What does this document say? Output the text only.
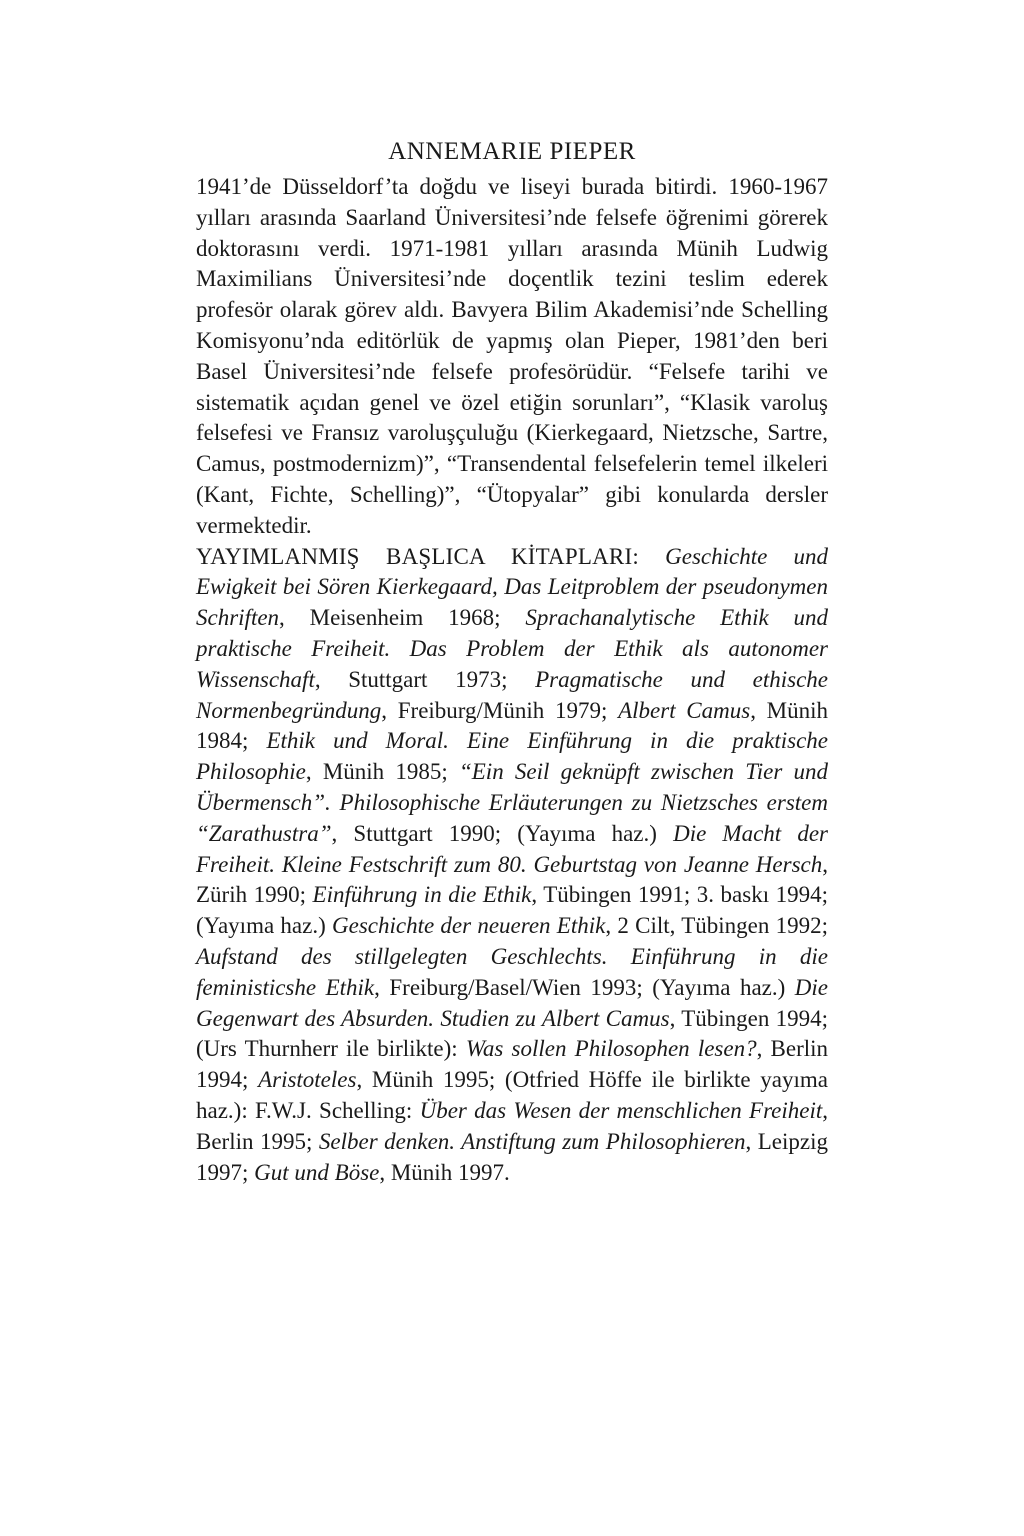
ANNEMARIE PIEPER

1941’de Düsseldorf’ta doğdu ve liseyi burada bitirdi. 1960-1967 yılları arasında Saarland Üniversitesi’nde felsefe öğrenimi görerek doktorasını verdi. 1971-1981 yılları arasında Münih Ludwig Maximilians Üniversitesi’nde doçentlik tezini teslim ederek profesör olarak görev aldı. Bavyera Bilim Akademisi’nde Schelling Komisyonu’nda editörlük de yapmış olan Pieper, 1981’den beri Basel Üniversitesi’nde felsefe profesörüdür. “Felsefe tarihi ve sistematik açıdan genel ve özel etiğin sorunları”, “Klasik varoluş felsefesi ve Fransız varoluşçuluğu (Kierkegaard, Nietzsche, Sartre, Camus, postmodernizm)”, “Transendental felsefelerin temel ilkeleri (Kant, Fichte, Schelling)”, “Ütopyalar” gibi konularda dersler vermektedir.

YAYIMLANMIŞ BAŞLICA KİTAPLARI: Geschichte und Ewigkeit bei Sören Kierkegaard, Das Leitproblem der pseudonymen Schriften, Meisenheim 1968; Sprachanalytische Ethik und praktische Freiheit. Das Problem der Ethik als autonomer Wissenschaft, Stuttgart 1973; Pragmatische und ethische Normenbegründung, Freiburg/Münih 1979; Albert Camus, Münih 1984; Ethik und Moral. Eine Einführung in die praktische Philosophie, Münih 1985; “Ein Seil geknüpft zwischen Tier und Übermensch”. Philosophische Erläuterungen zu Nietzsches erstem “Zarathustra”, Stuttgart 1990; (Yayıma haz.) Die Macht der Freiheit. Kleine Festschrift zum 80. Geburtstag von Jeanne Hersch, Zürih 1990; Einführung in die Ethik, Tübingen 1991; 3. baskı 1994; (Yayıma haz.) Geschichte der neueren Ethik, 2 Cilt, Tübingen 1992; Aufstand des stillgelegten Geschlechts. Einführung in die feministicshe Ethik, Freiburg/Basel/Wien 1993; (Yayıma haz.) Die Gegenwart des Absurden. Studien zu Albert Camus, Tübingen 1994; (Urs Thurnherr ile birlikte): Was sollen Philosophen lesen?, Berlin 1994; Aristoteles, Münih 1995; (Otfried Höffe ile birlikte yayıma haz.): F.W.J. Schelling: Über das Wesen der menschlichen Freiheit, Berlin 1995; Selber denken. Anstiftung zum Philosophieren, Leipzig 1997; Gut und Böse, Münih 1997.
